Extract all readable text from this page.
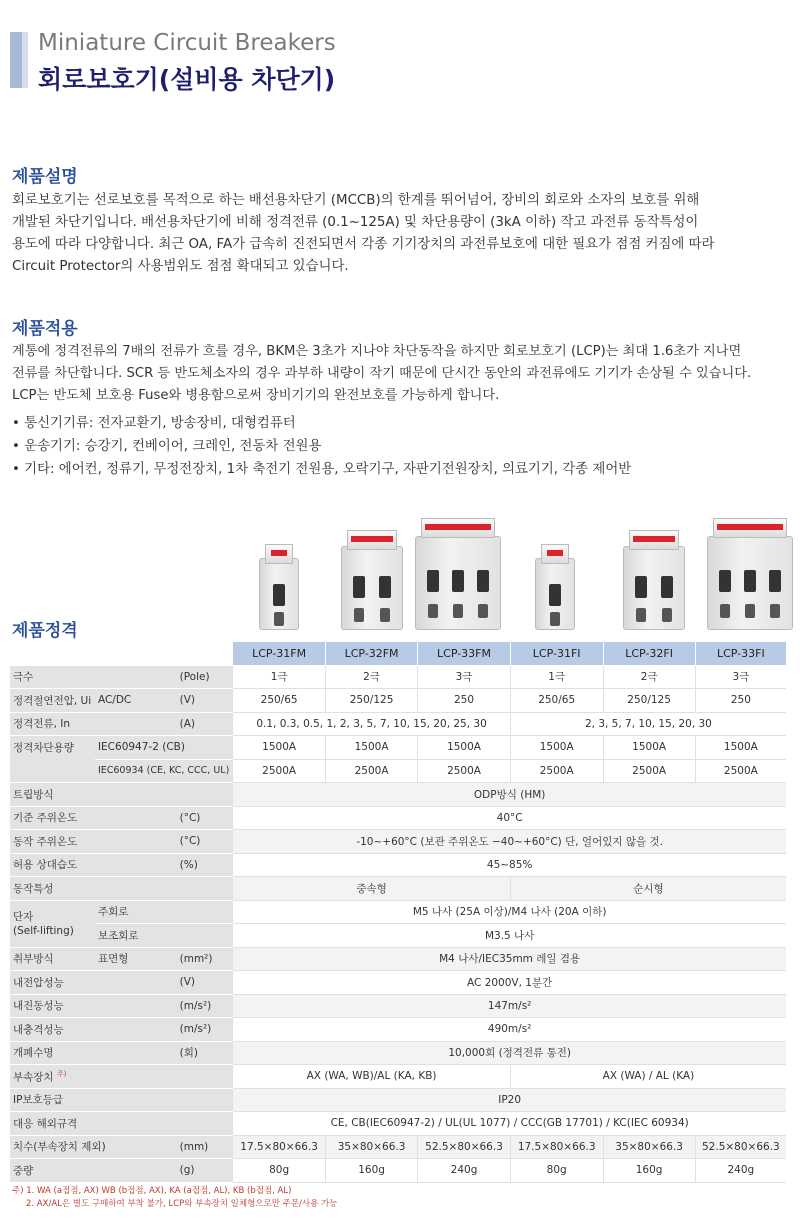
Miniature Circuit Breakers
회로보호기(설비용 차단기)
제품설명

회로보호기는 선로보호를 목적으로 하는 배선용차단기 (MCCB)의 한계를 뛰어넘어, 장비의 회로와 소자의 보호를 위해

개발된 차단기입니다. 배선용차단기에 비해 정격전류 (0.1~125A) 및 차단용량이 (3kA 이하) 작고 과전류 동작특성이

용도에 따라 다양합니다. 최근 OA, FA가 급속히 진전되면서 각종 기기장치의 과전류보호에 대한 필요가 점점 커짐에 따라

Circuit Protector의 사용범위도 점점 확대되고 있습니다.

제품적용

계통에 정격전류의 7배의 전류가 흐를 경우, BKM은 3초가 지나야 차단동작을 하지만 회로보호기 (LCP)는 최대 1.6초가 지나면

전류를 차단합니다. SCR 등 반도체소자의 경우 과부하 내량이 작기 때문에 단시간 동안의 과전류에도 기기가 손상될 수 있습니다.

LCP는 반도체 보호용 Fuse와 병용함으로써 장비기기의 완전보호를 가능하게 합니다.

• 통신기기류: 전자교환기, 방송장비, 대형컴퓨터
• 운송기기: 승강기, 컨베이어, 크레인, 전동차 전원용
• 기타: 에어컨, 정류기, 무정전장치, 1차 축전기 전원용, 오락기구, 자판기전원장치, 의료기기, 각종 제어반
제품정격
			LCP-31FM	LCP-32FM	LCP-33FM	LCP-31FI	LCP-32FI	LCP-33FI
극수		(Pole)	1극	2극	3극	1극	2극	3극
정격절연전압, Ui	AC/DC	(V)	250/65	250/125	250	250/65	250/125	250
정격전류, In		(A)	0.1, 0.3, 0.5, 1, 2, 3, 5, 7, 10, 15, 20, 25, 30			2, 3, 5, 7, 10, 15, 20, 30		
정격차단용량	IEC60947-2 (CB)		1500A	1500A	1500A	1500A	1500A	1500A
	IEC60934 (CE, KC, CCC, UL)		2500A	2500A	2500A	2500A	2500A	2500A
트립방식			ODP방식 (HM)					
기준 주위온도		(°C)	40°C					
동작 주위온도		(°C)	-10~+60°C (보관 주위온도 −40~+60°C) 단, 얼어있지 않을 것.					
허용 상대습도		(%)	45~85%					
동작특성			중속형			순시형		

단자
(Self-lifting)	주회로		M5 나사 (25A 이상)/M4 나사 (20A 이하)					
	보조회로		M3.5 나사					
취부방식	표면형	(mm²)	M4 나사/IEC35mm 레일 겸용					
내전압성능		(V)	AC 2000V, 1분간					
내진동성능		(m/s²)	147m/s²					
내충격성능		(m/s²)	490m/s²					
개폐수명		(회)	10,000회 (정격전류 통전)					
부속장치 $^{주)}$			AX (WA, WB)/AL (KA, KB)			AX (WA) / AL (KA)		
IP보호등급			IP20					
대응 해외규격			CE, CB(IEC60947-2) / UL(UL 1077) / CCC(GB 17701) / KC(IEC 60934)					
치수(부속장치 제외)		(mm)	17.5×80×66.3	35×80×66.3	52.5×80×66.3	17.5×80×66.3	35×80×66.3	52.5×80×66.3
중량		(g)	80g	160g	240g	80g	160g	240g
주) 1. WA (a접점, AX) WB (b접점, AX), KA (a접점, AL), KB (b접점, AL)
2. AX/AL은 별도 구매하여 부착 불가, LCP와 부속장치 일체형으로만 주문/사용 가능
